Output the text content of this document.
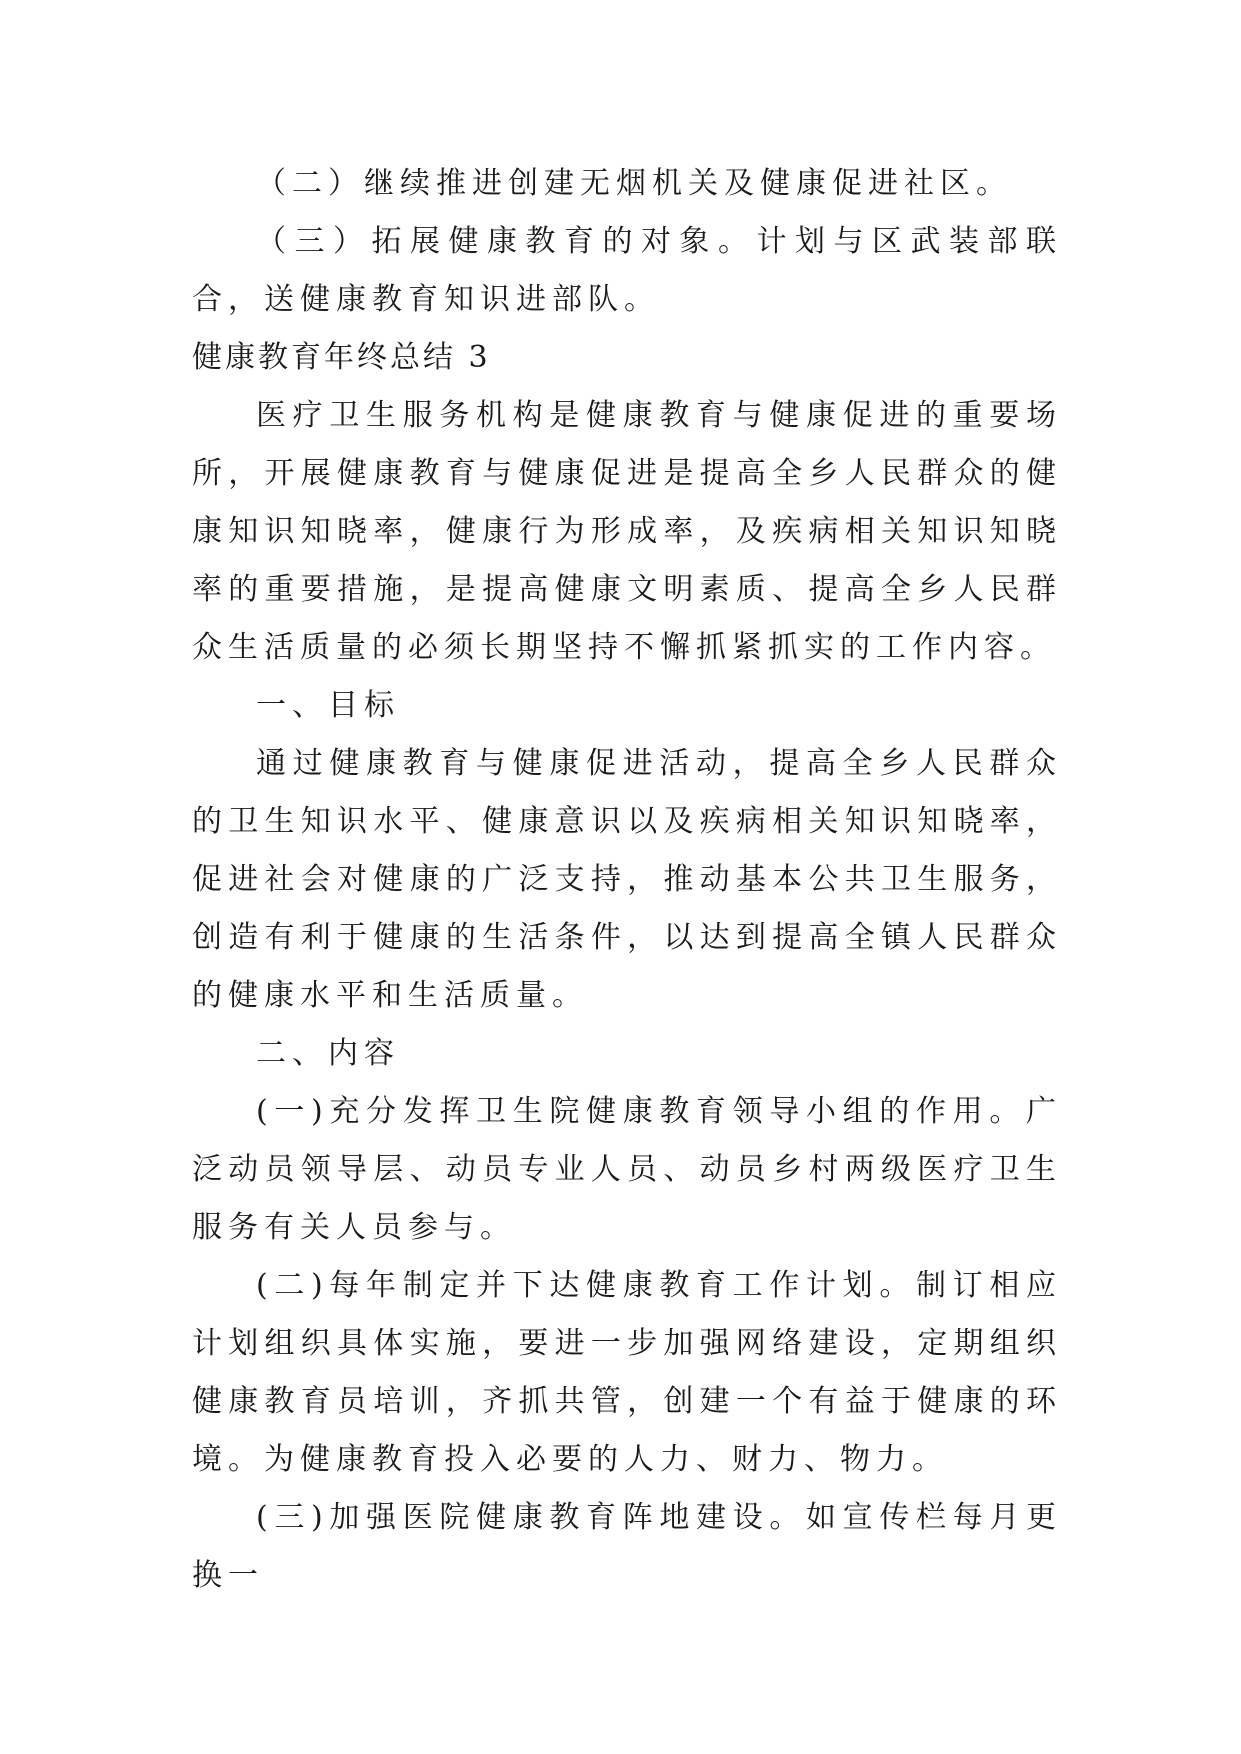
（二）继续推进创建无烟机关及健康促进社区。

（三）拓展健康教育的对象。计划与区武装部联合，送健康教育知识进部队。

健康教育年终总结 3

医疗卫生服务机构是健康教育与健康促进的重要场所，开展健康教育与健康促进是提高全乡人民群众的健康知识知晓率，健康行为形成率，及疾病相关知识知晓率的重要措施，是提高健康文明素质、提高全乡人民群众生活质量的必须长期坚持不懈抓紧抓实的工作内容。

一、目标

通过健康教育与健康促进活动，提高全乡人民群众的卫生知识水平、健康意识以及疾病相关知识知晓率，促进社会对健康的广泛支持，推动基本公共卫生服务，创造有利于健康的生活条件，以达到提高全镇人民群众的健康水平和生活质量。

二、内容

(一)充分发挥卫生院健康教育领导小组的作用。广泛动员领导层、动员专业人员、动员乡村两级医疗卫生服务有关人员参与。

(二)每年制定并下达健康教育工作计划。制订相应计划组织具体实施，要进一步加强网络建设，定期组织健康教育员培训，齐抓共管，创建一个有益于健康的环境。为健康教育投入必要的人力、财力、物力。

(三)加强医院健康教育阵地建设。如宣传栏每月更换一
